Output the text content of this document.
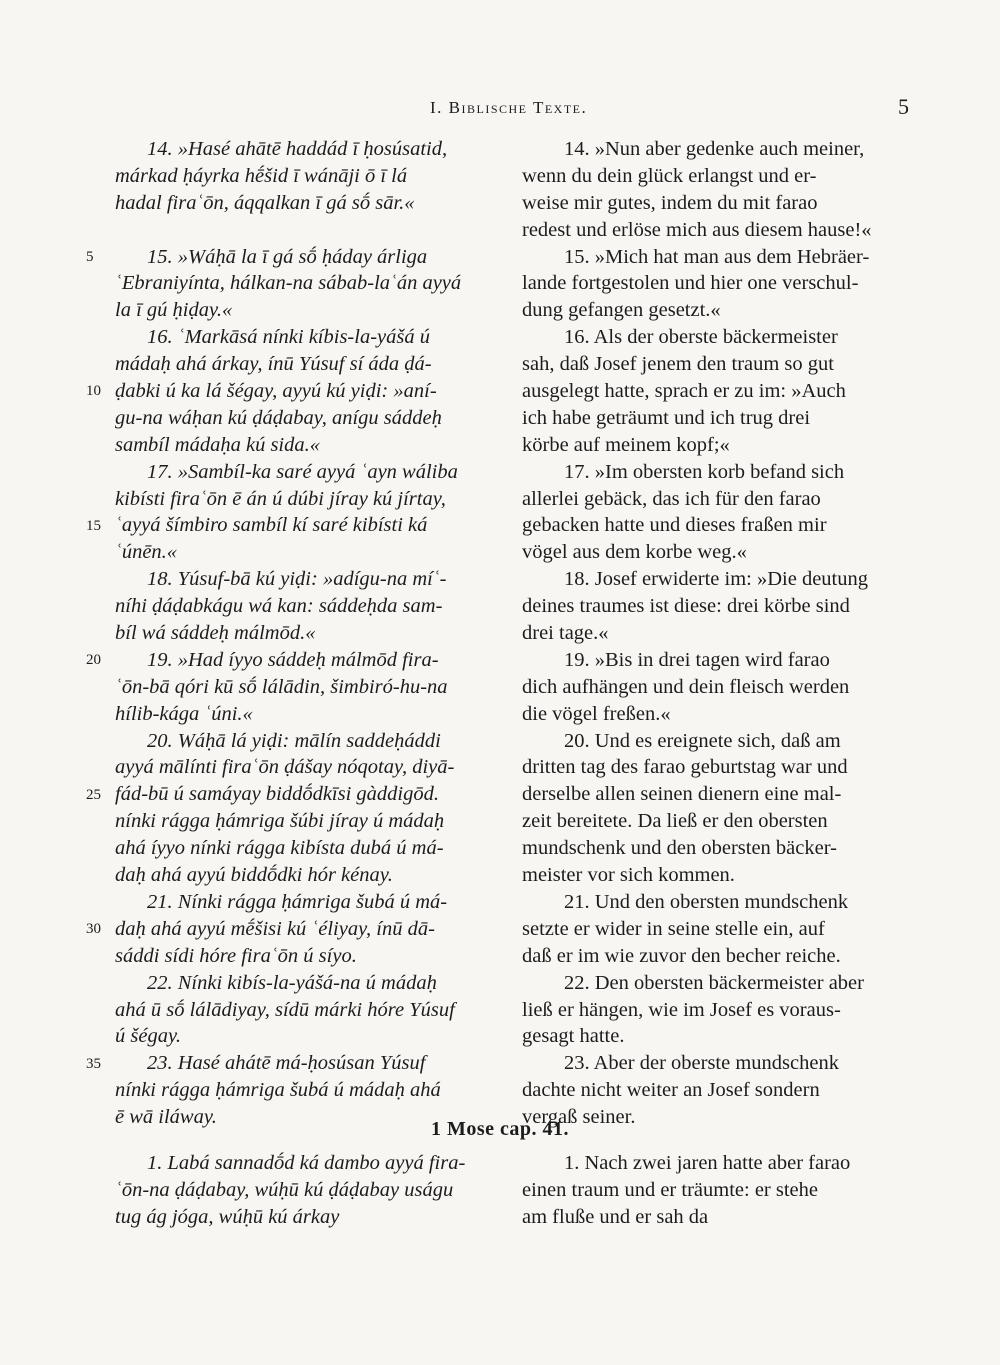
I. Biblische Texte.	5
5
10
15
20
25
30
35
14. »Hasé ahātē haddád ī ḥosúsatid,
márkad ḥáyrka hḗšid ī wánāji ō ī lá
hadal firaʿōn, áqqalkan ī gá sṓ sār.«
15. »Wáḥā la ī gá sṓ ḥáday árliga
ʿEbraniyínta, hálkan-na sábab-laʿán ayyá
la ī gú ḥiḍay.«
16. ʿMarkāsá nínki kíbis-la-yášá ú
mádaḥ ahá árkay, ínū Yúsuf sí áda ḍá-
ḍabki ú ka lá šégay, ayyú kú yiḍi: »aní-
gu-na wáḥan kú ḍáḍabay, anígu sáddeḥ
sambíl mádaḥa kú sida.«
17. »Sambíl-ka saré ayyá ʿayn wáliba
kibísti firaʿōn ē án ú dúbi jíray kú jírtay,
ʿayyá šímbiro sambíl kí saré kibísti ká
ʿúnēn.«
18. Yúsuf-bā kú yiḍi: »adígu-na míʿ-
níhi ḍáḍabkágu wá kan: sáddeḥda sam-
bíl wá sáddeḥ málmōd.«
19. »Had íyyo sáddeḥ málmōd fira-
ʿōn-bā qóri kū sṓ lálādin, šimbiró-hu-na
hílib-kága ʿúni.«
20. Wáḥā lá yiḍi: mālín saddeḥáddi
ayyá mālínti firaʿōn ḍášay nóqotay, diyā-
fád-bū ú samáyay biddṓdkīsi gàddigōd.
nínki rágga ḥámriga šúbi jíray ú mádaḥ
ahá íyyo nínki rágga kibísta dubá ú má-
daḥ ahá ayyú biddṓdki hór kénay.
21. Nínki rágga ḥámriga šubá ú má-
daḥ ahá ayyú mḗšisi kú ʿéliyay, ínū dā-
sáddi sídi hóre firaʿōn ú síyo.
22. Nínki kibís-la-yášá-na ú mádaḥ
ahá ū sṓ lálādiyay, sídū márki hóre Yúsuf
ú šégay.
23. Hasé ahátē má-ḥosúsan Yúsuf
nínki rágga ḥámriga šubá ú mádaḥ ahá
ē wā iláway.
14. »Nun aber gedenke auch meiner,
wenn du dein glück erlangst und er-
weise mir gutes, indem du mit farao
redest und erlöse mich aus diesem hause!«
15. »Mich hat man aus dem Hebräer-
lande fortgestolen und hier one verschul-
dung gefangen gesetzt.«
16. Als der oberste bäckermeister
sah, daß Josef jenem den traum so gut
ausgelegt hatte, sprach er zu im: »Auch
ich habe geträumt und ich trug drei
körbe auf meinem kopf;«
17. »Im obersten korb befand sich
allerlei gebäck, das ich für den farao
gebacken hatte und dieses fraßen mir
vögel aus dem korbe weg.«
18. Josef erwiderte im: »Die deutung
deines traumes ist diese: drei körbe sind
drei tage.«
19. »Bis in drei tagen wird farao
dich aufhängen und dein fleisch werden
die vögel freßen.«
20. Und es ereignete sich, daß am
dritten tag des farao geburtstag war und
derselbe allen seinen dienern eine mal-
zeit bereitete. Da ließ er den obersten
mundschenk und den obersten bäcker-
meister vor sich kommen.
21. Und den obersten mundschenk
setzte er wider in seine stelle ein, auf
daß er im wie zuvor den becher reiche.
22. Den obersten bäckermeister aber
ließ er hängen, wie im Josef es voraus-
gesagt hatte.
23. Aber der oberste mundschenk
dachte nicht weiter an Josef sondern
vergaß seiner.
1 Mose cap. 41.
1. Labá sannadṓd ká dambo ayyá fira-
ʿōn-na ḍáḍabay, wúḥū kú ḍáḍabay uságu
tug ág jóga, wúḥū kú árkay
1. Nach zwei jaren hatte aber farao
einen traum und er träumte: er stehe
am fluße und er sah da
